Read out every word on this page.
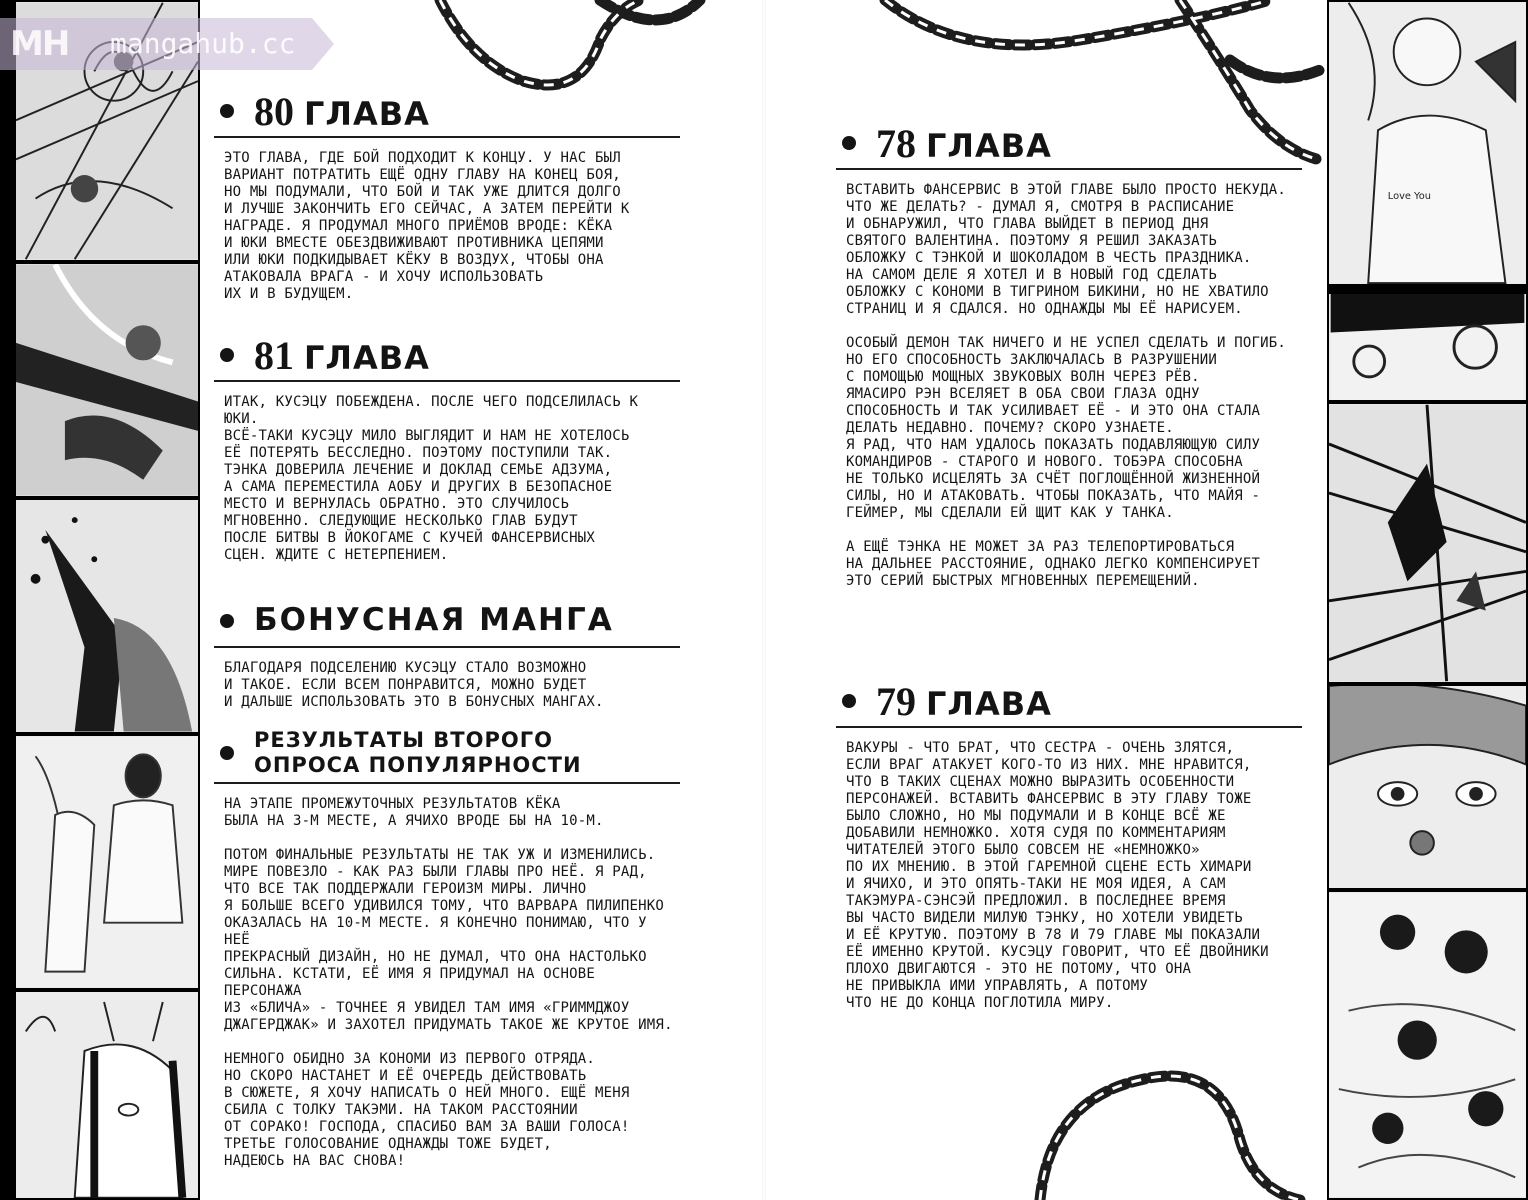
Love You
MH	mangahub.cc
80 ГЛАВА
ЭТО ГЛАВА, ГДЕ БОЙ ПОДХОДИТ К КОНЦУ. У НАС БЫЛ
ВАРИАНТ ПОТРАТИТЬ ЕЩЁ ОДНУ ГЛАВУ НА КОНЕЦ БОЯ,
НО МЫ ПОДУМАЛИ, ЧТО БОЙ И ТАК УЖЕ ДЛИТСЯ ДОЛГО
И ЛУЧШЕ ЗАКОНЧИТЬ ЕГО СЕЙЧАС, А ЗАТЕМ ПЕРЕЙТИ К
НАГРАДЕ. Я ПРОДУМАЛ МНОГО ПРИЁМОВ ВРОДЕ: КЁКА
И ЮКИ ВМЕСТЕ ОБЕЗДВИЖИВАЮТ ПРОТИВНИКА ЦЕПЯМИ
ИЛИ ЮКИ ПОДКИДЫВАЕТ КЁКУ В ВОЗДУХ, ЧТОБЫ ОНА
АТАКОВАЛА ВРАГА - И ХОЧУ ИСПОЛЬЗОВАТЬ
ИХ И В БУДУЩЕМ.
81 ГЛАВА
ИТАК, КУСЭЦУ ПОБЕЖДЕНА. ПОСЛЕ ЧЕГО ПОДСЕЛИЛАСЬ К ЮКИ.
ВСЁ-ТАКИ КУСЭЦУ МИЛО ВЫГЛЯДИТ И НАМ НЕ ХОТЕЛОСЬ
ЕЁ ПОТЕРЯТЬ БЕССЛЕДНО. ПОЭТОМУ ПОСТУПИЛИ ТАК.
ТЭНКА ДОВЕРИЛА ЛЕЧЕНИЕ И ДОКЛАД СЕМЬЕ АДЗУМА,
А САМА ПЕРЕМЕСТИЛА АОБУ И ДРУГИХ В БЕЗОПАСНОЕ
МЕСТО И ВЕРНУЛАСЬ ОБРАТНО. ЭТО СЛУЧИЛОСЬ
МГНОВЕННО. СЛЕДУЮЩИЕ НЕСКОЛЬКО ГЛАВ БУДУТ
ПОСЛЕ БИТВЫ В ЙОКОГАМЕ С КУЧЕЙ ФАНСЕРВИСНЫХ
СЦЕН. ЖДИТЕ С НЕТЕРПЕНИЕМ.
БОНУСНАЯ МАНГА
БЛАГОДАРЯ ПОДСЕЛЕНИЮ КУСЭЦУ СТАЛО ВОЗМОЖНО
И ТАКОЕ. ЕСЛИ ВСЕМ ПОНРАВИТСЯ, МОЖНО БУДЕТ
И ДАЛЬШЕ ИСПОЛЬЗОВАТЬ ЭТО В БОНУСНЫХ МАНГАХ.
РЕЗУЛЬТАТЫ ВТОРОГО
ОПРОСА ПОПУЛЯРНОСТИ
НА ЭТАПЕ ПРОМЕЖУТОЧНЫХ РЕЗУЛЬТАТОВ КЁКА
БЫЛА НА 3-М МЕСТЕ, А ЯЧИХО ВРОДЕ БЫ НА 10-М.

ПОТОМ ФИНАЛЬНЫЕ РЕЗУЛЬТАТЫ НЕ ТАК УЖ И ИЗМЕНИЛИСЬ.
МИРЕ ПОВЕЗЛО - КАК РАЗ БЫЛИ ГЛАВЫ ПРО НЕЁ. Я РАД,
ЧТО ВСЕ ТАК ПОДДЕРЖАЛИ ГЕРОИЗМ МИРЫ. ЛИЧНО
Я БОЛЬШЕ ВСЕГО УДИВИЛСЯ ТОМУ, ЧТО ВАРВАРА ПИЛИПЕНКО
ОКАЗАЛАСЬ НА 10-М МЕСТЕ. Я КОНЕЧНО ПОНИМАЮ, ЧТО У НЕЁ
ПРЕКРАСНЫЙ ДИЗАЙН, НО НЕ ДУМАЛ, ЧТО ОНА НАСТОЛЬКО
СИЛЬНА. КСТАТИ, ЕЁ ИМЯ Я ПРИДУМАЛ НА ОСНОВЕ ПЕРСОНАЖА
ИЗ «БЛИЧА» - ТОЧНЕЕ Я УВИДЕЛ ТАМ ИМЯ «ГРИММДЖОУ
ДЖАГЕРДЖАК» И ЗАХОТЕЛ ПРИДУМАТЬ ТАКОЕ ЖЕ КРУТОЕ ИМЯ.

НЕМНОГО ОБИДНО ЗА КОНОМИ ИЗ ПЕРВОГО ОТРЯДА.
НО СКОРО НАСТАНЕТ И ЕЁ ОЧЕРЕДЬ ДЕЙСТВОВАТЬ
В СЮЖЕТЕ, Я ХОЧУ НАПИСАТЬ О НЕЙ МНОГО. ЕЩЁ МЕНЯ
СБИЛА С ТОЛКУ ТАКЭМИ. НА ТАКОМ РАССТОЯНИИ
ОТ СОРАКО! ГОСПОДА, СПАСИБО ВАМ ЗА ВАШИ ГОЛОСА!
ТРЕТЬЕ ГОЛОСОВАНИЕ ОДНАЖДЫ ТОЖЕ БУДЕТ,
НАДЕЮСЬ НА ВАС СНОВА!
78 ГЛАВА
ВСТАВИТЬ ФАНСЕРВИС В ЭТОЙ ГЛАВЕ БЫЛО ПРОСТО НЕКУДА.
ЧТО ЖЕ ДЕЛАТЬ? - ДУМАЛ Я, СМОТРЯ В РАСПИСАНИЕ
И ОБНАРУЖИЛ, ЧТО ГЛАВА ВЫЙДЕТ В ПЕРИОД ДНЯ
СВЯТОГО ВАЛЕНТИНА. ПОЭТОМУ Я РЕШИЛ ЗАКАЗАТЬ
ОБЛОЖКУ С ТЭНКОЙ И ШОКОЛАДОМ В ЧЕСТЬ ПРАЗДНИКА.
НА САМОМ ДЕЛЕ Я ХОТЕЛ И В НОВЫЙ ГОД СДЕЛАТЬ
ОБЛОЖКУ С КОНОМИ В ТИГРИНОМ БИКИНИ, НО НЕ ХВАТИЛО
СТРАНИЦ И Я СДАЛСЯ. НО ОДНАЖДЫ МЫ ЕЁ НАРИСУЕМ.

ОСОБЫЙ ДЕМОН ТАК НИЧЕГО И НЕ УСПЕЛ СДЕЛАТЬ И ПОГИБ.
НО ЕГО СПОСОБНОСТЬ ЗАКЛЮЧАЛАСЬ В РАЗРУШЕНИИ
С ПОМОЩЬЮ МОЩНЫХ ЗВУКОВЫХ ВОЛН ЧЕРЕЗ РЁВ.
ЯМАСИРО РЭН ВСЕЛЯЕТ В ОБА СВОИ ГЛАЗА ОДНУ
СПОСОБНОСТЬ И ТАК УСИЛИВАЕТ ЕЁ - И ЭТО ОНА СТАЛА
ДЕЛАТЬ НЕДАВНО. ПОЧЕМУ? СКОРО УЗНАЕТЕ.
Я РАД, ЧТО НАМ УДАЛОСЬ ПОКАЗАТЬ ПОДАВЛЯЮЩУЮ СИЛУ
КОМАНДИРОВ - СТАРОГО И НОВОГО. ТОБЭРА СПОСОБНА
НЕ ТОЛЬКО ИСЦЕЛЯТЬ ЗА СЧЁТ ПОГЛОЩЁННОЙ ЖИЗНЕННОЙ
СИЛЫ, НО И АТАКОВАТЬ. ЧТОБЫ ПОКАЗАТЬ, ЧТО МАЙЯ -
ГЕЙМЕР, МЫ СДЕЛАЛИ ЕЙ ЩИТ КАК У ТАНКА.

А ЕЩЁ ТЭНКА НЕ МОЖЕТ ЗА РАЗ ТЕЛЕПОРТИРОВАТЬСЯ
НА ДАЛЬНЕЕ РАССТОЯНИЕ, ОДНАКО ЛЕГКО КОМПЕНСИРУЕТ
ЭТО СЕРИЙ БЫСТРЫХ МГНОВЕННЫХ ПЕРЕМЕЩЕНИЙ.
79 ГЛАВА
ВАКУРЫ - ЧТО БРАТ, ЧТО СЕСТРА - ОЧЕНЬ ЗЛЯТСЯ,
ЕСЛИ ВРАГ АТАКУЕТ КОГО-ТО ИЗ НИХ. МНЕ НРАВИТСЯ,
ЧТО В ТАКИХ СЦЕНАХ МОЖНО ВЫРАЗИТЬ ОСОБЕННОСТИ
ПЕРСОНАЖЕЙ. ВСТАВИТЬ ФАНСЕРВИС В ЭТУ ГЛАВУ ТОЖЕ
БЫЛО СЛОЖНО, НО МЫ ПОДУМАЛИ И В КОНЦЕ ВСЁ ЖЕ
ДОБАВИЛИ НЕМНОЖКО. ХОТЯ СУДЯ ПО КОММЕНТАРИЯМ
ЧИТАТЕЛЕЙ ЭТОГО БЫЛО СОВСЕМ НЕ «НЕМНОЖКО»
ПО ИХ МНЕНИЮ. В ЭТОЙ ГАРЕМНОЙ СЦЕНЕ ЕСТЬ ХИМАРИ
И ЯЧИХО, И ЭТО ОПЯТЬ-ТАКИ НЕ МОЯ ИДЕЯ, А САМ
ТАКЭМУРА-СЭНСЭЙ ПРЕДЛОЖИЛ. В ПОСЛЕДНЕЕ ВРЕМЯ
ВЫ ЧАСТО ВИДЕЛИ МИЛУЮ ТЭНКУ, НО ХОТЕЛИ УВИДЕТЬ
И ЕЁ КРУТУЮ. ПОЭТОМУ В 78 И 79 ГЛАВЕ МЫ ПОКАЗАЛИ
ЕЁ ИМЕННО КРУТОЙ. КУСЭЦУ ГОВОРИТ, ЧТО ЕЁ ДВОЙНИКИ
ПЛОХО ДВИГАЮТСЯ - ЭТО НЕ ПОТОМУ, ЧТО ОНА
НЕ ПРИВЫКЛА ИМИ УПРАВЛЯТЬ, А ПОТОМУ
ЧТО НЕ ДО КОНЦА ПОГЛОТИЛА МИРУ.
